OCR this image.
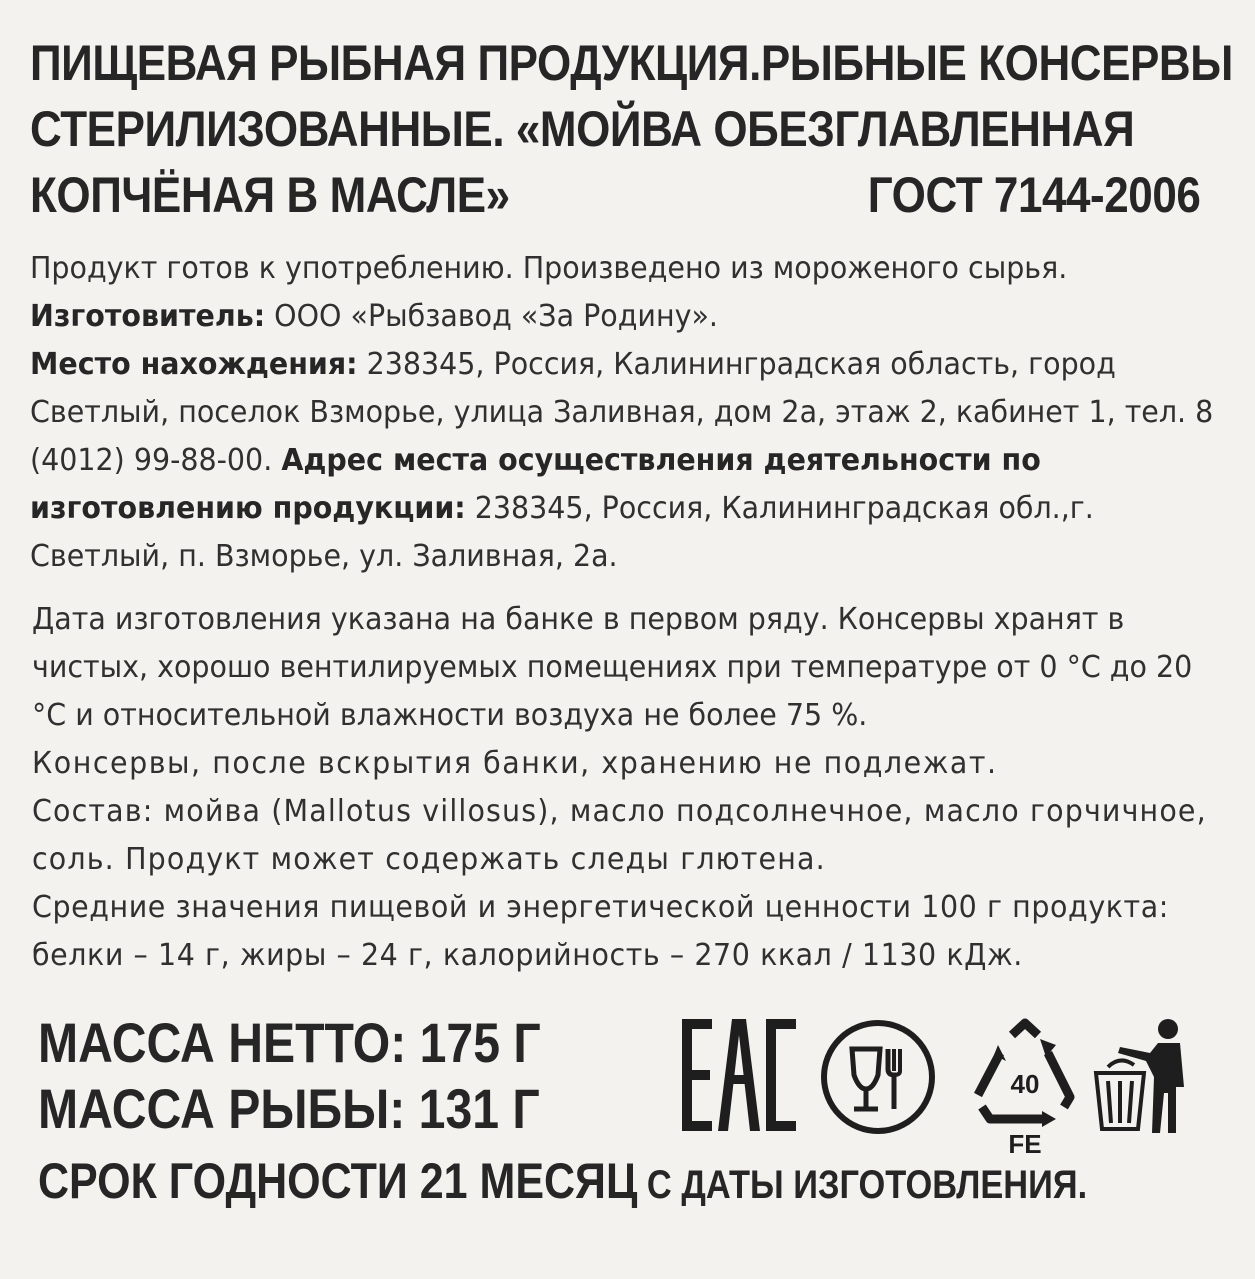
ПИЩЕВАЯ РЫБНАЯ ПРОДУКЦИЯ.РЫБНЫЕ КОНСЕРВЫ
СТЕРИЛИЗОВАННЫЕ. «МОЙВА ОБЕЗГЛАВЛЕННАЯ
КОПЧЁНАЯ В МАСЛЕ»	ГОСТ 7144-2006

Продукт готов к употреблению. Произведено из мороженого сырья.

Изготовитель: ООО «Рыбзавод «За Родину».

Место нахождения: 238345, Россия, Калининградская область, город Светлый, поселок Взморье, улица Заливная, дом 2а, этаж 2, кабинет 1, тел. 8 (4012) 99-88-00. Адрес места осуществления деятельности по изготовлению продукции: 238345, Россия, Калининградская обл.,г. Светлый, п. Взморье, ул. Заливная, 2а.

Дата изготовления указана на банке в первом ряду. Консервы хранят в чистых, хорошо вентилируемых помещениях при температуре от 0 °С до 20 °С и относительной влажности воздуха не более 75 %.

Консервы, после вскрытия банки, хранению не подлежат.

Состав: мойва (Mallotus villosus), масло подсолнечное, масло горчичное, соль. Продукт может содержать следы глютена.

Средние значения пищевой и энергетической ценности 100 г продукта: белки – 14 г, жиры – 24 г, калорийность – 270 ккал / 1130 кДж.

МАССА НЕТТО: 175 Г
МАССА РЫБЫ: 131 Г
СРОК ГОДНОСТИ 21 МЕСЯЦ С ДАТЫ ИЗГОТОВЛЕНИЯ.
40
FE
